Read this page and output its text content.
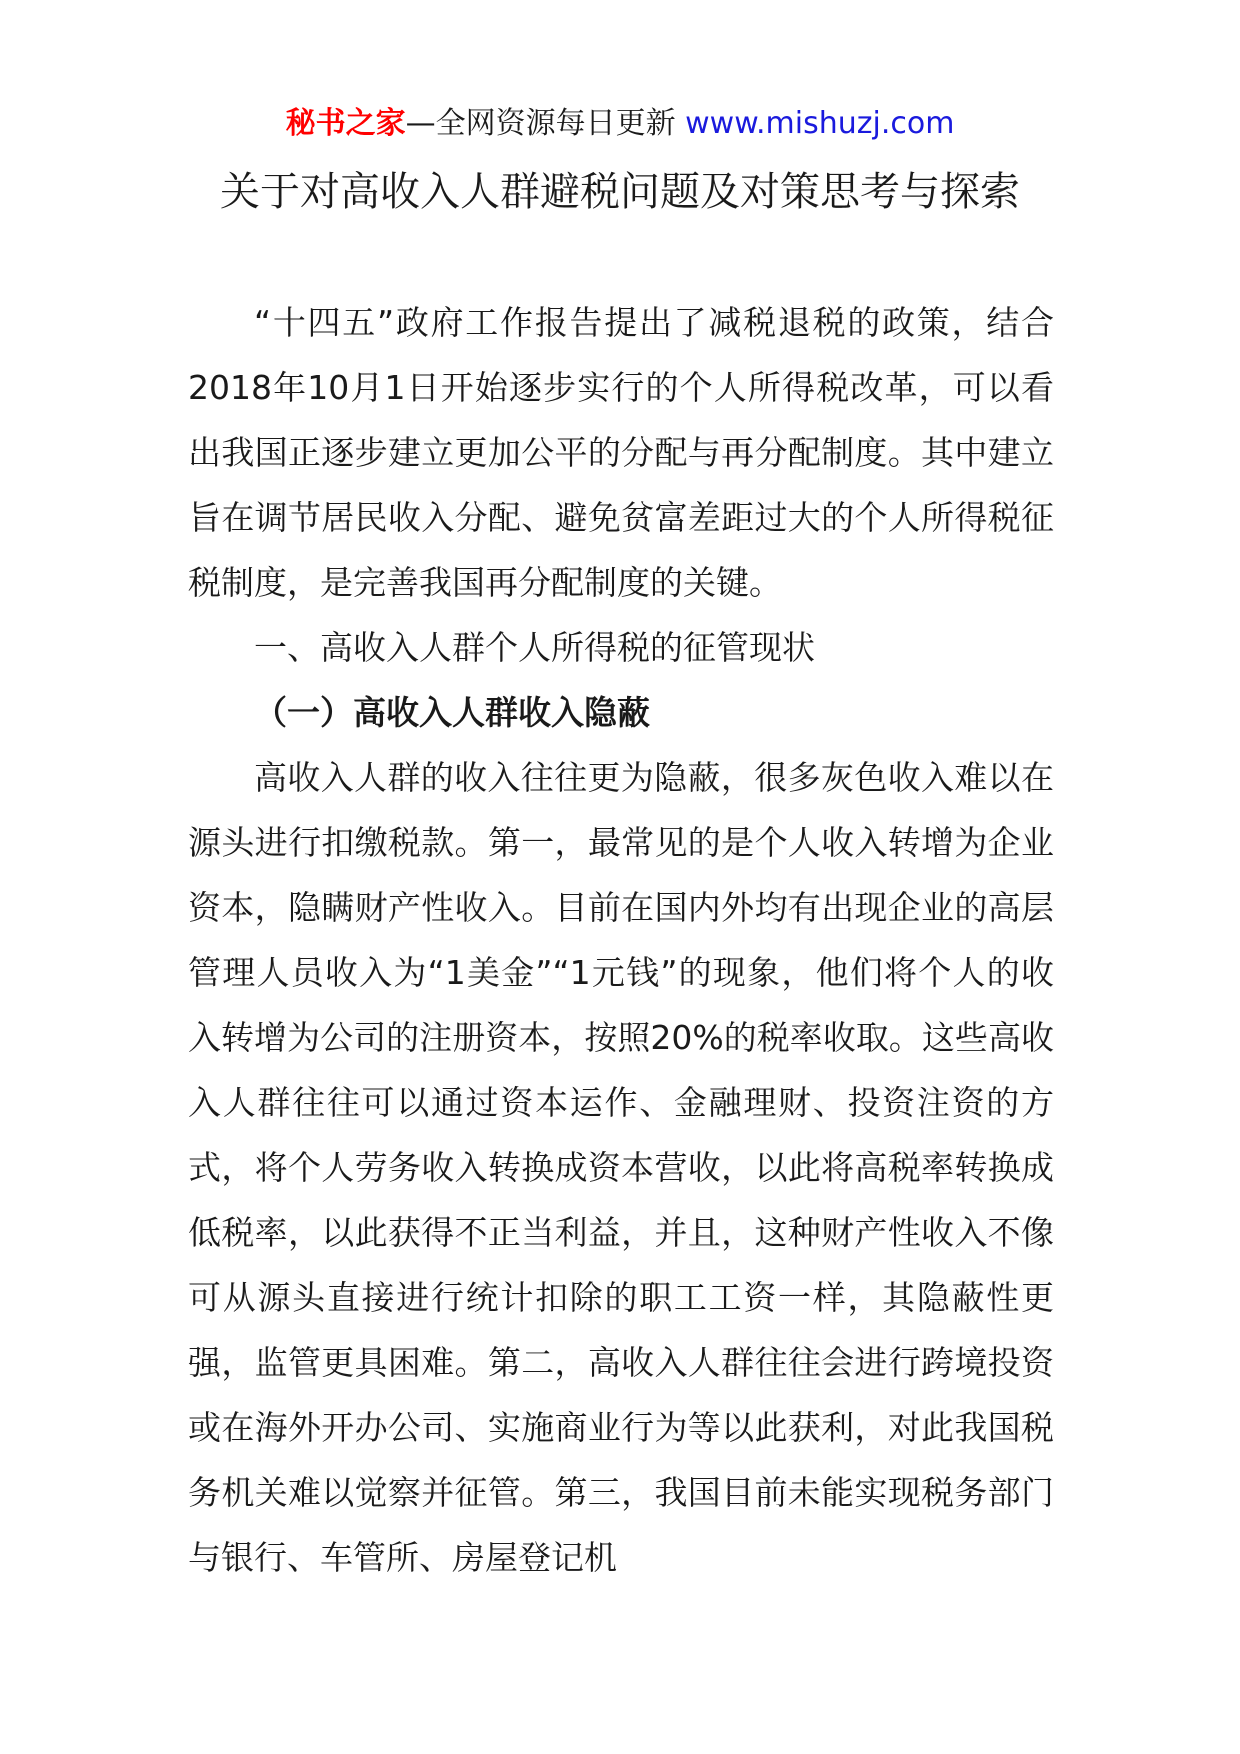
秘书之家—全网资源每日更新 www.mishuzj.com
关于对高收入人群避税问题及对策思考与探索

“十四五”政府工作报告提出了减税退税的政策，结合2018年10月1日开始逐步实行的个人所得税改革，可以看出我国正逐步建立更加公平的分配与再分配制度。其中建立旨在调节居民收入分配、避免贫富差距过大的个人所得税征税制度，是完善我国再分配制度的关键。

一、高收入人群个人所得税的征管现状

（一）高收入人群收入隐蔽

高收入人群的收入往往更为隐蔽，很多灰色收入难以在源头进行扣缴税款。第一，最常见的是个人收入转增为企业资本，隐瞒财产性收入。目前在国内外均有出现企业的高层管理人员收入为“1美金”“1元钱”的现象，他们将个人的收入转增为公司的注册资本，按照20%的税率收取。这些高收入人群往往可以通过资本运作、金融理财、投资注资的方式，将个人劳务收入转换成资本营收，以此将高税率转换成低税率，以此获得不正当利益，并且，这种财产性收入不像可从源头直接进行统计扣除的职工工资一样，其隐蔽性更强，监管更具困难。第二，高收入人群往往会进行跨境投资或在海外开办公司、实施商业行为等以此获利，对此我国税务机关难以觉察并征管。第三，我国目前未能实现税务部门与银行、车管所、房屋登记机
